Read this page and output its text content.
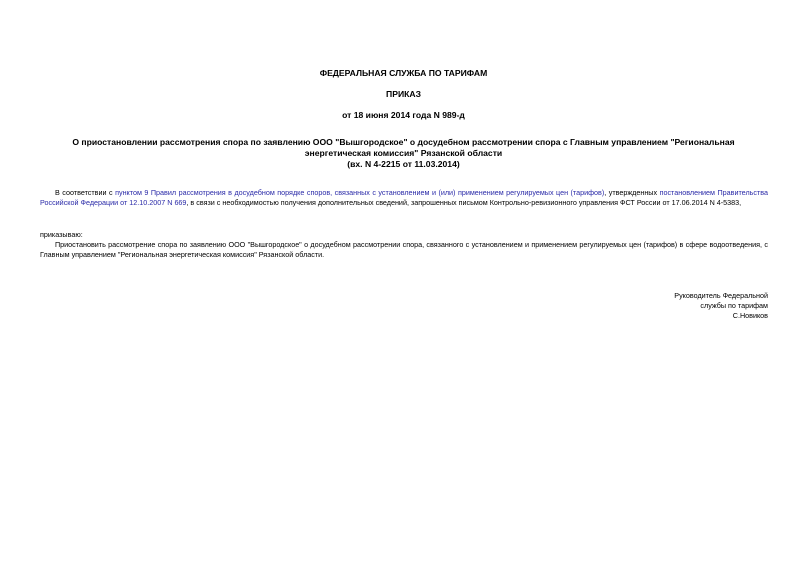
ФЕДЕРАЛЬНАЯ СЛУЖБА ПО ТАРИФАМ
ПРИКАЗ
от 18 июня 2014 года N 989-д
О приостановлении рассмотрения спора по заявлению ООО "Вышгородское" о досудебном рассмотрении спора с Главным управлением "Региональная
энергетическая комиссия" Рязанской области
(вх. N 4-2215 от 11.03.2014)
В соответствии с пунктом 9 Правил рассмотрения в досудебном порядке споров, связанных с установлением и (или) применением регулируемых цен (тарифов), утвержденных постановлением Правительства Российской Федерации от 12.10.2007 N 669, в связи с необходимостью получения дополнительных сведений, запрошенных письмом Контрольно-ревизионного управления ФСТ России от 17.06.2014 N 4-5383,
приказываю:
Приостановить рассмотрение спора по заявлению ООО "Вышгородское" о досудебном рассмотрении спора, связанного с установлением и применением регулируемых цен (тарифов) в сфере водоотведения, с Главным управлением "Региональная энергетическая комиссия" Рязанской области.
Руководитель Федеральной
службы по тарифам
С.Новиков
